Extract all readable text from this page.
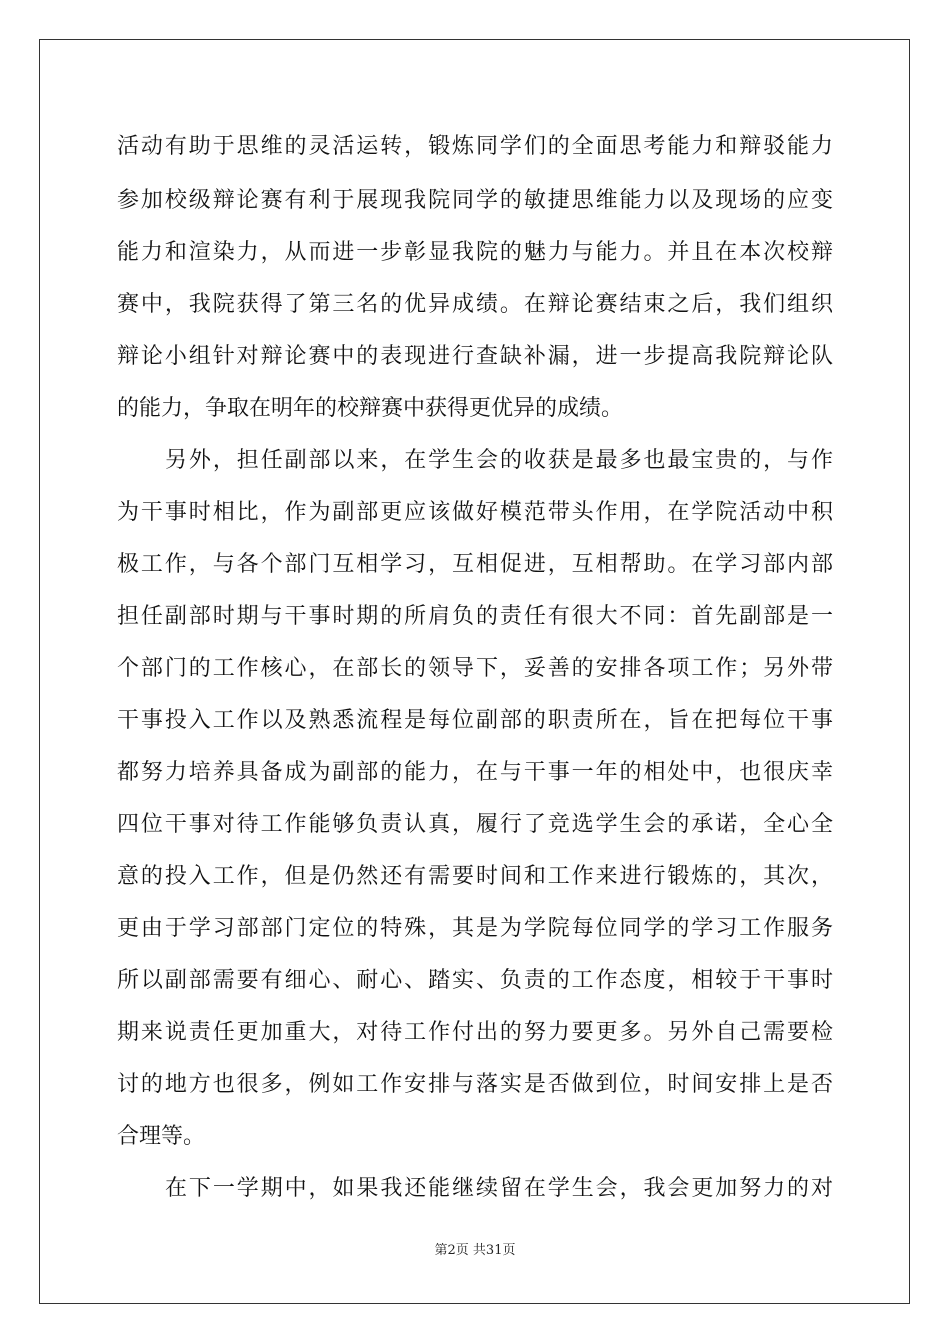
活动有助于思维的灵活运转，锻炼同学们的全面思考能力和辩驳能力
参加校级辩论赛有利于展现我院同学的敏捷思维能力以及现场的应变
能力和渲染力，从而进一步彰显我院的魅力与能力。并且在本次校辩
赛中，我院获得了第三名的优异成绩。在辩论赛结束之后，我们组织
辩论小组针对辩论赛中的表现进行查缺补漏，进一步提高我院辩论队
的能力，争取在明年的校辩赛中获得更优异的成绩。
另外，担任副部以来，在学生会的收获是最多也最宝贵的，与作
为干事时相比，作为副部更应该做好模范带头作用，在学院活动中积
极工作，与各个部门互相学习，互相促进，互相帮助。在学习部内部
担任副部时期与干事时期的所肩负的责任有很大不同：首先副部是一
个部门的工作核心，在部长的领导下，妥善的安排各项工作；另外带
干事投入工作以及熟悉流程是每位副部的职责所在，旨在把每位干事
都努力培养具备成为副部的能力，在与干事一年的相处中，也很庆幸
四位干事对待工作能够负责认真，履行了竞选学生会的承诺，全心全
意的投入工作，但是仍然还有需要时间和工作来进行锻炼的，其次，
更由于学习部部门定位的特殊，其是为学院每位同学的学习工作服务
所以副部需要有细心、耐心、踏实、负责的工作态度，相较于干事时
期来说责任更加重大，对待工作付出的努力要更多。另外自己需要检
讨的地方也很多，例如工作安排与落实是否做到位，时间安排上是否
合理等。
在下一学期中，如果我还能继续留在学生会，我会更加努力的对
第2页 共31页
